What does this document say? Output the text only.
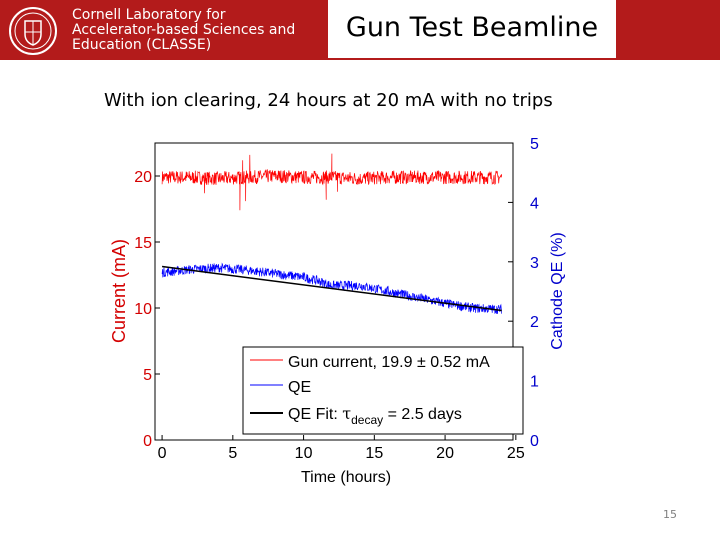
Cornell Laboratory for
Accelerator-based Sciences and
Education (CLASSE)
Gun Test Beamline
With ion clearing, 24 hours at 20 mA with no trips
0	5	10	15	20	25
0
5
10
15
20
0
1
2
3
4
5
Time (hours)
Current (mA)	Cathode QE (%)
Gun current, 19.9 ± 0.52 mA
QE
QE Fit: $\tau_{decay} = 2.5$ days
15
